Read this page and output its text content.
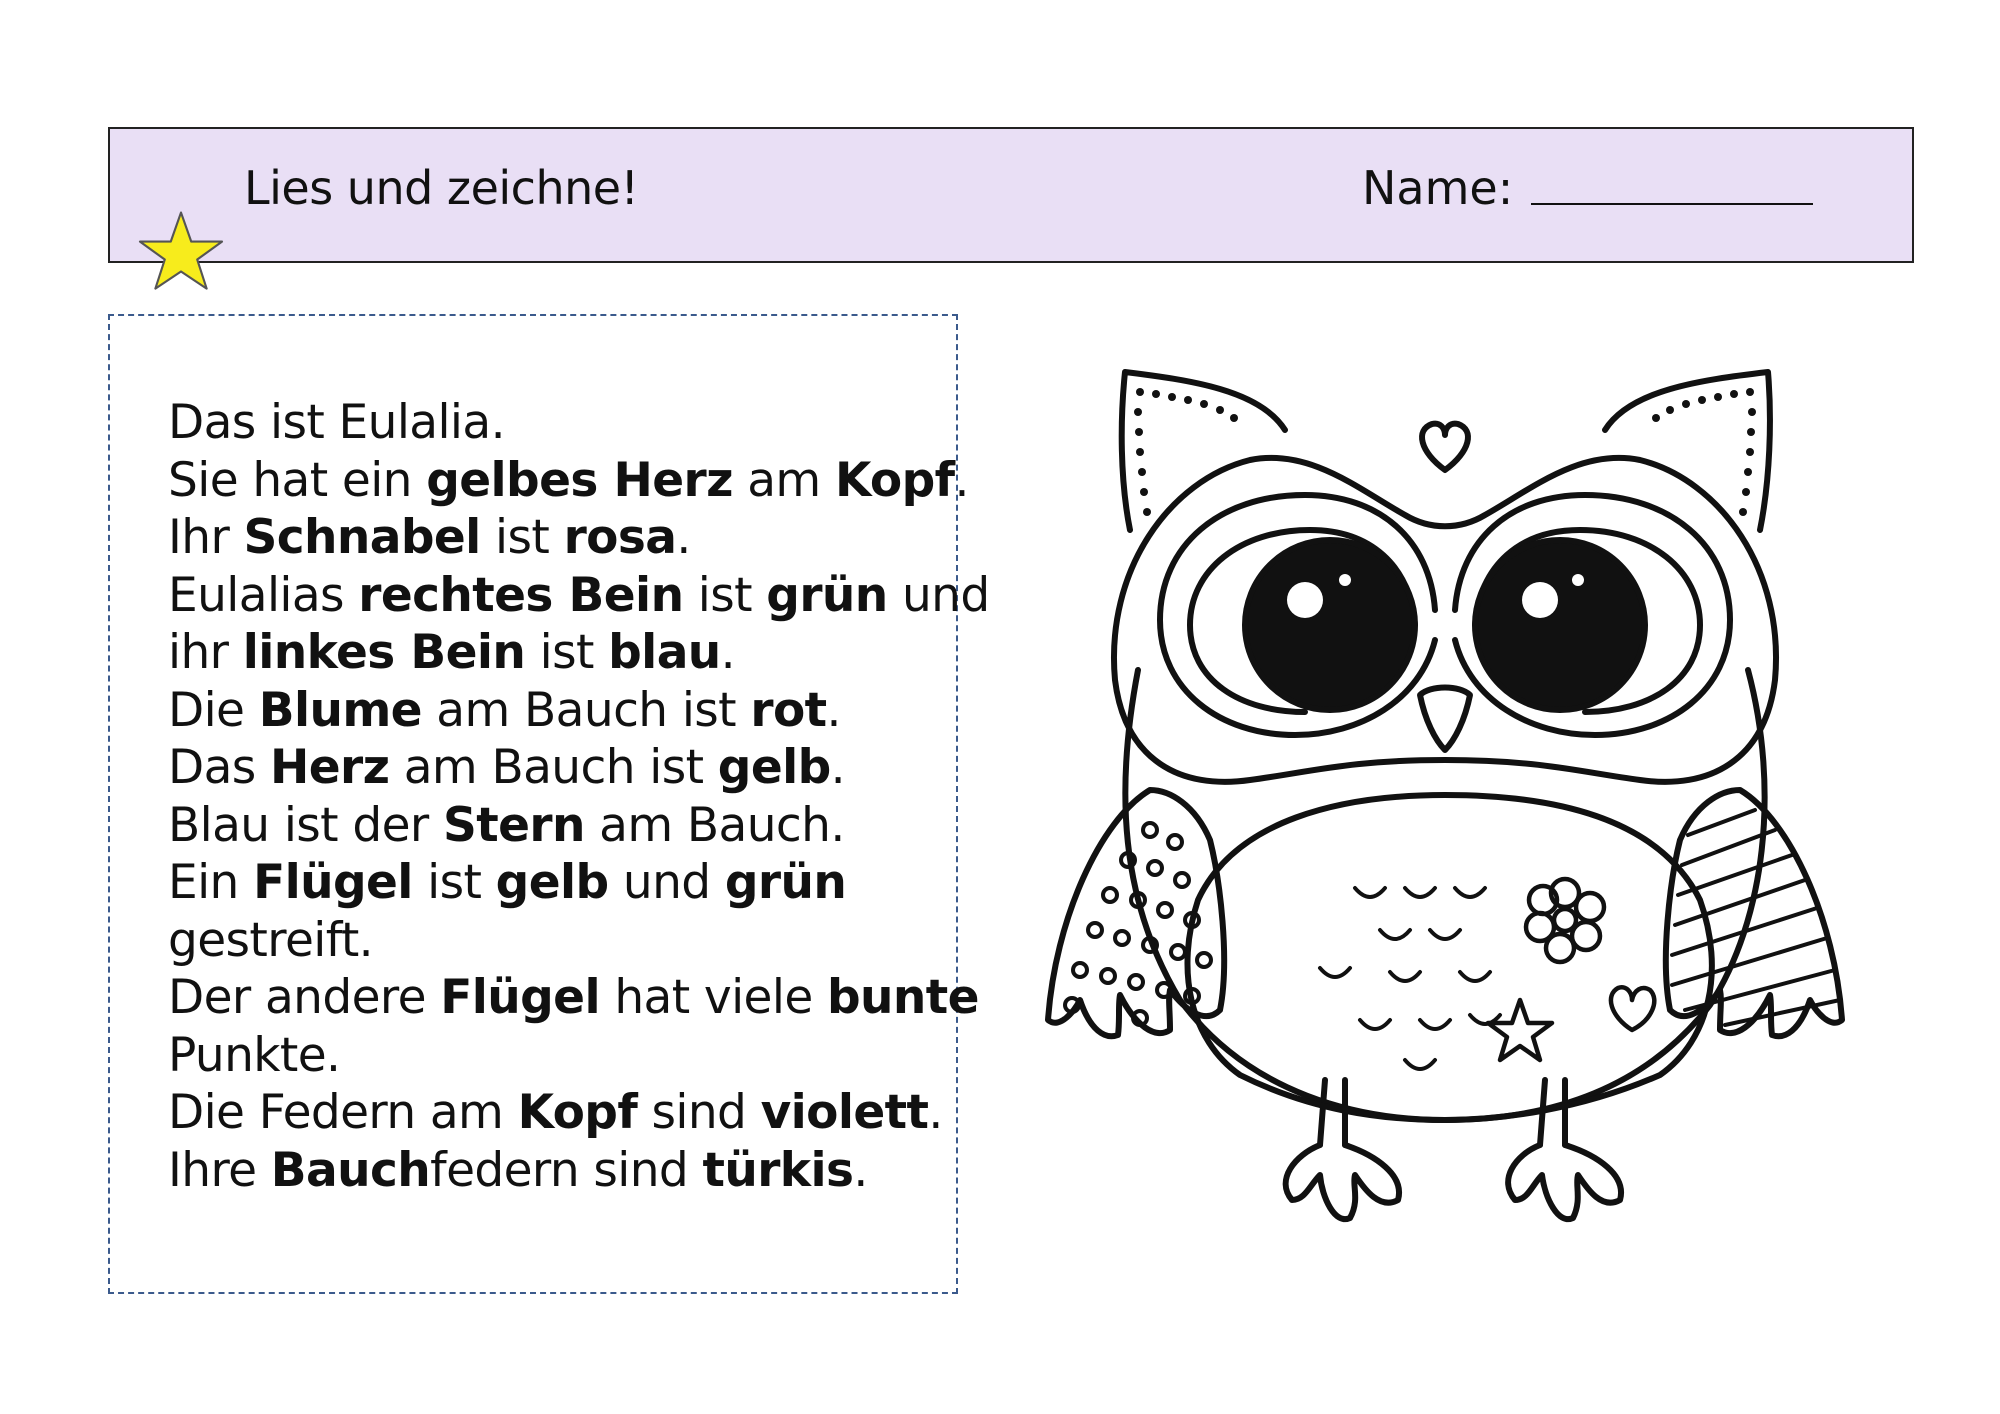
Lies und zeichne!	Name:
Das ist Eulalia.
Sie hat ein gelbes Herz am Kopf.
Ihr Schnabel ist rosa.
Eulalias rechtes Bein ist grün und
ihr linkes Bein ist blau.
Die Blume am Bauch ist rot.
Das Herz am Bauch ist gelb.
Blau ist der Stern am Bauch.
Ein Flügel ist gelb und grün
gestreift.
Der andere Flügel hat viele bunte
Punkte.
Die Federn am Kopf sind violett.
Ihre Bauchfedern sind türkis.
